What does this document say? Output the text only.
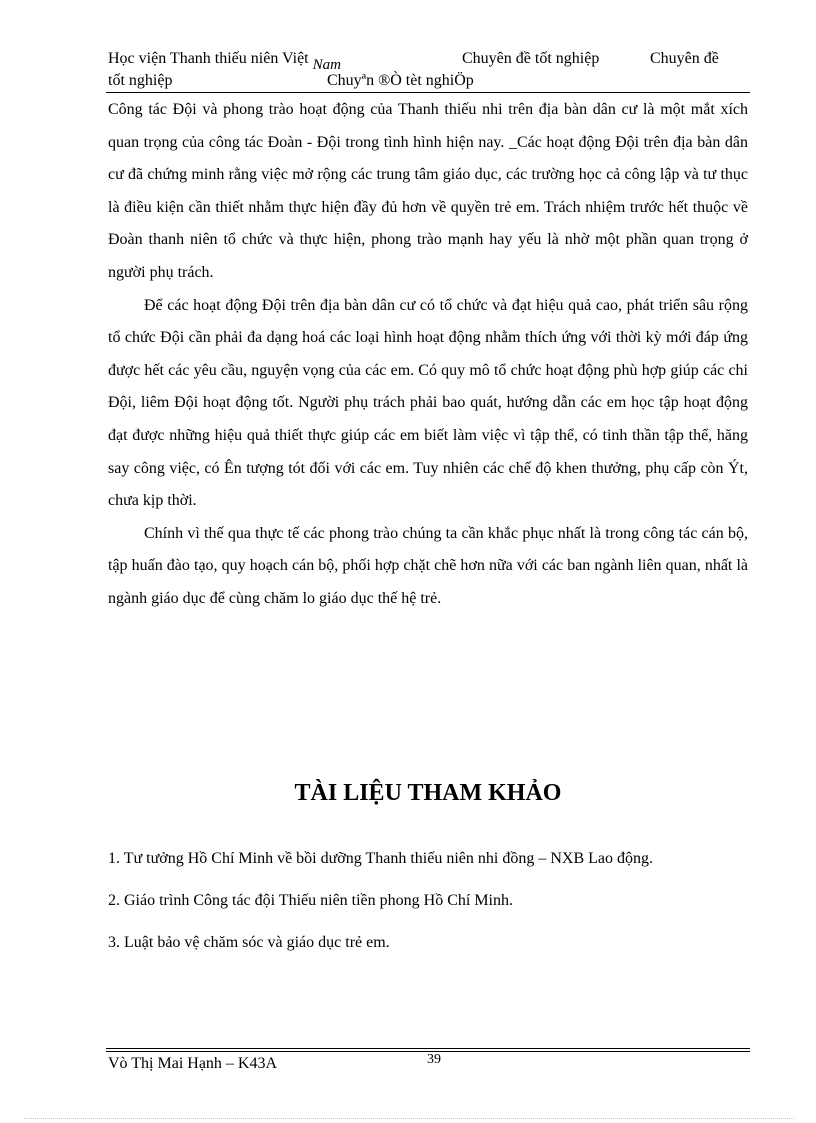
Học viện Thanh thiếu niên Việt Nam	Chuyên đề tốt nghiệp	Chuyên đề
tốt nghiệp	Chuyªn ®Ò tèt nghiÖp

Công tác Đội và phong trào hoạt động của Thanh thiếu nhi trên địa bàn dân cư là một mắt xích quan trọng của công tác Đoàn - Đội trong tình hình hiện nay. _Các hoạt động Đội trên địa bàn dân cư đã chứng minh rằng việc mở rộng các trung tâm giáo dục, các trường học cả công lập và tư thục là điều kiện cần thiết nhằm thực hiện đầy đủ hơn về quyền trẻ em. Trách nhiệm trước hết thuộc về Đoàn thanh niên tổ chức và thực hiện, phong trào mạnh hay yếu là nhờ một phần quan trọng ở người phụ trách.

Để các hoạt động Đội trên địa bàn dân cư có tổ chức và đạt hiệu quả cao, phát triển sâu rộng tổ chức Đội cần phải đa dạng hoá các loại hình hoạt động nhằm thích ứng với thời kỳ mới đáp ứng được hết các yêu cầu, nguyện vọng của các em. Có quy mô tổ chức hoạt động phù hợp giúp các chi Đội, liêm Đội hoạt động tốt. Người phụ trách phải bao quát, hướng dẫn các em học tập hoạt động đạt được những hiệu quả thiết thực giúp các em biết làm việc vì tập thể, có tinh thần tập thể, hăng say công việc, có Ên tượng tót đối với các em. Tuy nhiên các chế độ khen thưởng, phụ cấp còn Ýt, chưa kịp thời.

Chính vì thế qua thực tế các phong trào chúng ta cần khắc phục nhất là trong công tác cán bộ, tập huấn đào tạo, quy hoạch cán bộ, phối hợp chặt chẽ hơn nữa với các ban ngành liên quan, nhất là ngành giáo dục để cùng chăm lo giáo dục thế hệ trẻ.

TÀI LIỆU THAM KHẢO
1. Tư tưởng Hồ Chí Minh về bồi dưỡng Thanh thiếu niên nhi đồng – NXB Lao động.
2. Giáo trình Công tác đội Thiếu niên tiền phong Hồ Chí Minh.
3. Luật bảo vệ chăm sóc và giáo dục trẻ em.
39
Vò Thị Mai Hạnh – K43A
